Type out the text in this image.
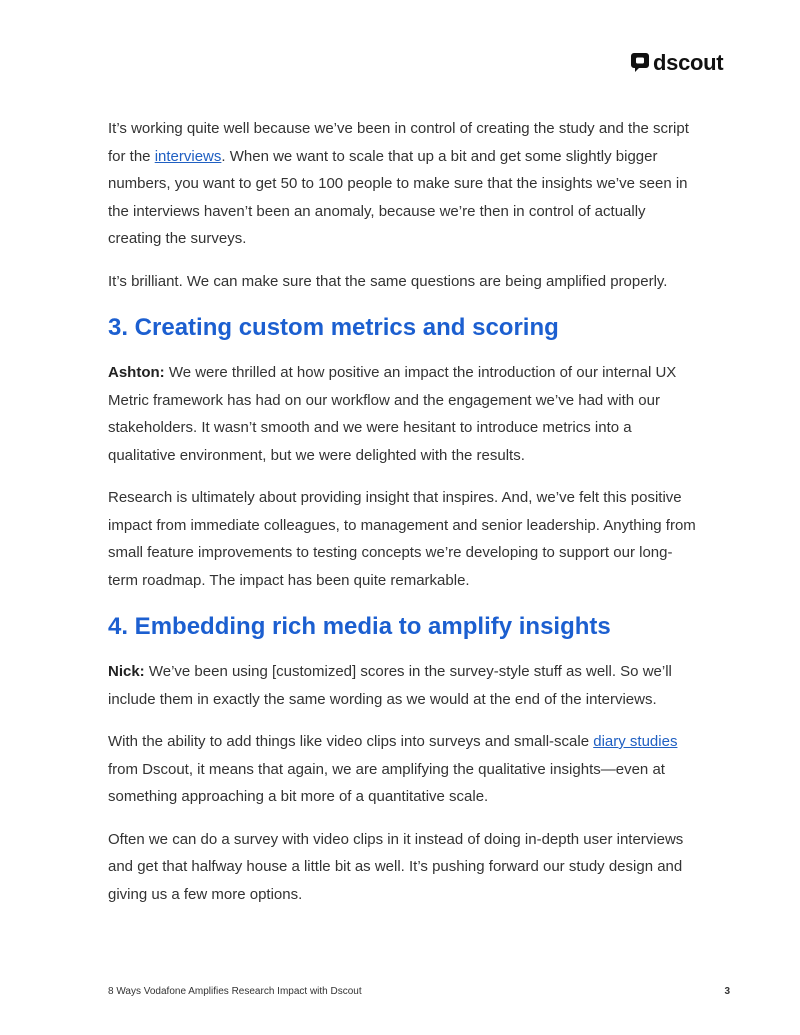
dscout

It’s working quite well because we’ve been in control of creating the study and the script for the interviews. When we want to scale that up a bit and get some slightly bigger numbers, you want to get 50 to 100 people to make sure that the insights we’ve seen in the interviews haven’t been an anomaly, because we’re then in control of actually creating the surveys.

It’s brilliant. We can make sure that the same questions are being amplified properly.

3. Creating custom metrics and scoring

Ashton: We were thrilled at how positive an impact the introduction of our internal UX Metric framework has had on our workflow and the engagement we’ve had with our stakeholders. It wasn’t smooth and we were hesitant to introduce metrics into a qualitative environment, but we were delighted with the results.

Research is ultimately about providing insight that inspires. And, we’ve felt this positive impact from immediate colleagues, to management and senior leadership. Anything from small feature improvements to testing concepts we’re developing to support our long-term roadmap. The impact has been quite remarkable.

4. Embedding rich media to amplify insights

Nick: We’ve been using [customized] scores in the survey-style stuff as well. So we’ll include them in exactly the same wording as we would at the end of the interviews.

With the ability to add things like video clips into surveys and small-scale diary studies from Dscout, it means that again, we are amplifying the qualitative insights—even at something approaching a bit more of a quantitative scale.

Often we can do a survey with video clips in it instead of doing in-depth user interviews and get that halfway house a little bit as well. It’s pushing forward our study design and giving us a few more options.

8 Ways Vodafone Amplifies Research Impact with Dscout	3
